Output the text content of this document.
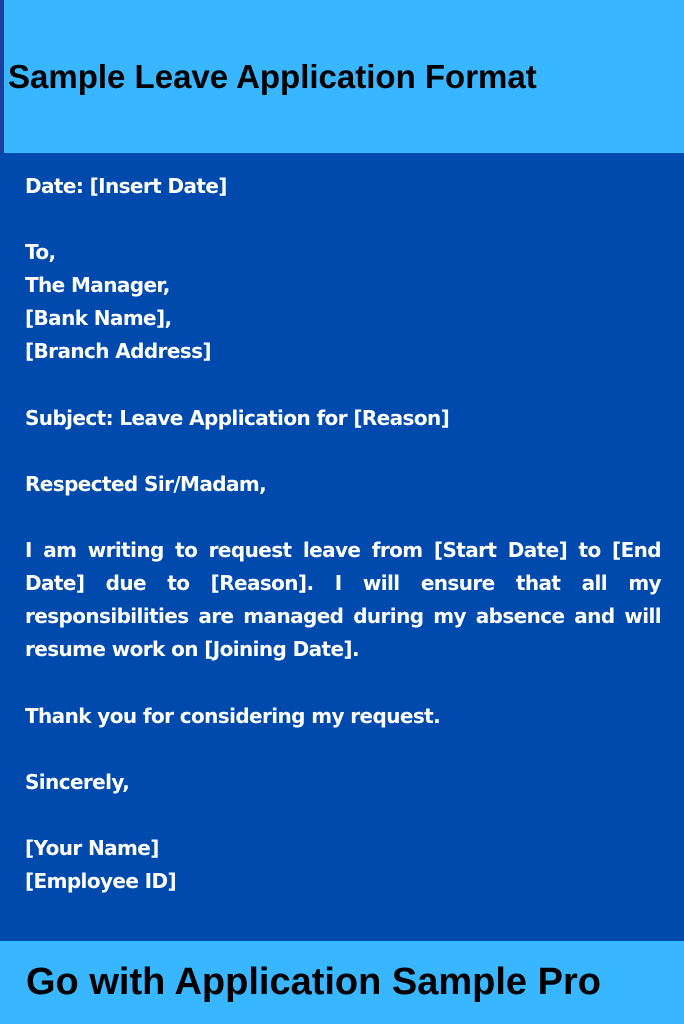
Sample Leave Application Format

Date: [Insert Date]

To,

The Manager,

[Bank Name],

[Branch Address]

Subject: Leave Application for [Reason]

Respected Sir/Madam,

I am writing to request leave from [Start Date] to [End Date] due to [Reason]. I will ensure that all my responsibilities are managed during my absence and will resume work on [Joining Date].

Thank you for considering my request.

Sincerely,

[Your Name]

[Employee ID]

Go with Application Sample Pro
